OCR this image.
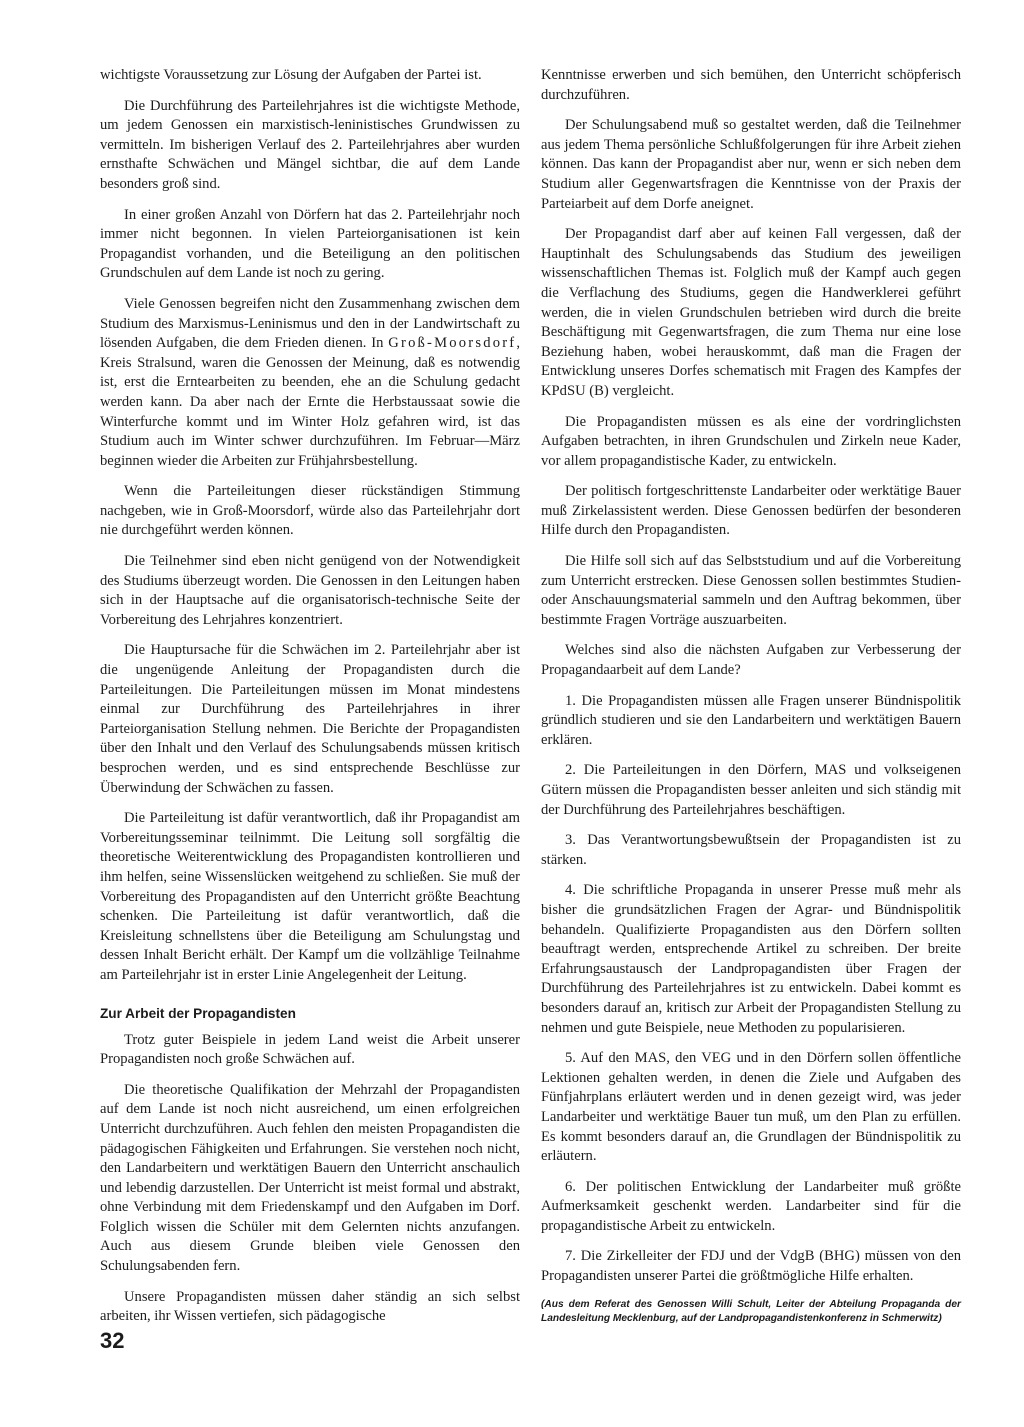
wichtigste Voraussetzung zur Lösung der Aufgaben der Partei ist.

Die Durchführung des Parteilehrjahres ist die wichtigste Methode, um jedem Genossen ein marxistisch-leninistisches Grundwissen zu vermitteln. Im bisherigen Verlauf des 2. Parteilehrjahres aber wurden ernsthafte Schwächen und Mängel sichtbar, die auf dem Lande besonders groß sind.

In einer großen Anzahl von Dörfern hat das 2. Parteilehrjahr noch immer nicht begonnen. In vielen Parteiorganisationen ist kein Propagandist vorhanden, und die Beteiligung an den politischen Grundschulen auf dem Lande ist noch zu gering.

Viele Genossen begreifen nicht den Zusammenhang zwischen dem Studium des Marxismus-Leninismus und den in der Landwirtschaft zu lösenden Aufgaben, die dem Frieden dienen. In Groß-Moorsdorf, Kreis Stralsund, waren die Genossen der Meinung, daß es notwendig ist, erst die Erntearbeiten zu beenden, ehe an die Schulung gedacht werden kann. Da aber nach der Ernte die Herbstaussaat sowie die Winterfurche kommt und im Winter Holz gefahren wird, ist das Studium auch im Winter schwer durchzuführen. Im Februar—März beginnen wieder die Arbeiten zur Frühjahrsbestellung.

Wenn die Parteileitungen dieser rückständigen Stimmung nachgeben, wie in Groß-Moorsdorf, würde also das Parteilehrjahr dort nie durchgeführt werden können.

Die Teilnehmer sind eben nicht genügend von der Notwendigkeit des Studiums überzeugt worden. Die Genossen in den Leitungen haben sich in der Hauptsache auf die organisatorisch-technische Seite der Vorbereitung des Lehrjahres konzentriert.

Die Hauptursache für die Schwächen im 2. Parteilehrjahr aber ist die ungenügende Anleitung der Propagandisten durch die Parteileitungen. Die Parteileitungen müssen im Monat mindestens einmal zur Durchführung des Parteilehrjahres in ihrer Parteiorganisation Stellung nehmen. Die Berichte der Propagandisten über den Inhalt und den Verlauf des Schulungsabends müssen kritisch besprochen werden, und es sind entsprechende Beschlüsse zur Überwindung der Schwächen zu fassen.

Die Parteileitung ist dafür verantwortlich, daß ihr Propagandist am Vorbereitungsseminar teilnimmt. Die Leitung soll sorgfältig die theoretische Weiterentwicklung des Propagandisten kontrollieren und ihm helfen, seine Wissenslücken weitgehend zu schließen. Sie muß der Vorbereitung des Propagandisten auf den Unterricht größte Beachtung schenken. Die Parteileitung ist dafür verantwortlich, daß die Kreisleitung schnellstens über die Beteiligung am Schulungstag und dessen Inhalt Bericht erhält. Der Kampf um die vollzählige Teilnahme am Parteilehrjahr ist in erster Linie Angelegenheit der Leitung.

Zur Arbeit der Propagandisten

Trotz guter Beispiele in jedem Land weist die Arbeit unserer Propagandisten noch große Schwächen auf.

Die theoretische Qualifikation der Mehrzahl der Propagandisten auf dem Lande ist noch nicht ausreichend, um einen erfolgreichen Unterricht durchzuführen. Auch fehlen den meisten Propagandisten die pädagogischen Fähigkeiten und Erfahrungen. Sie verstehen noch nicht, den Landarbeitern und werktätigen Bauern den Unterricht anschaulich und lebendig darzustellen. Der Unterricht ist meist formal und abstrakt, ohne Verbindung mit dem Friedenskampf und den Aufgaben im Dorf. Folglich wissen die Schüler mit dem Gelernten nichts anzufangen. Auch aus diesem Grunde bleiben viele Genossen den Schulungsabenden fern.

Unsere Propagandisten müssen daher ständig an sich selbst arbeiten, ihr Wissen vertiefen, sich pädagogische

Kenntnisse erwerben und sich bemühen, den Unterricht schöpferisch durchzuführen.

Der Schulungsabend muß so gestaltet werden, daß die Teilnehmer aus jedem Thema persönliche Schlußfolgerungen für ihre Arbeit ziehen können. Das kann der Propagandist aber nur, wenn er sich neben dem Studium aller Gegenwartsfragen die Kenntnisse von der Praxis der Parteiarbeit auf dem Dorfe aneignet.

Der Propagandist darf aber auf keinen Fall vergessen, daß der Hauptinhalt des Schulungsabends das Studium des jeweiligen wissenschaftlichen Themas ist. Folglich muß der Kampf auch gegen die Verflachung des Studiums, gegen die Handwerklerei geführt werden, die in vielen Grundschulen betrieben wird durch die breite Beschäftigung mit Gegenwartsfragen, die zum Thema nur eine lose Beziehung haben, wobei herauskommt, daß man die Fragen der Entwicklung unseres Dorfes schematisch mit Fragen des Kampfes der KPdSU (B) vergleicht.

Die Propagandisten müssen es als eine der vordringlichsten Aufgaben betrachten, in ihren Grundschulen und Zirkeln neue Kader, vor allem propagandistische Kader, zu entwickeln.

Der politisch fortgeschrittenste Landarbeiter oder werktätige Bauer muß Zirkelassistent werden. Diese Genossen bedürfen der besonderen Hilfe durch den Propagandisten.

Die Hilfe soll sich auf das Selbststudium und auf die Vorbereitung zum Unterricht erstrecken. Diese Genossen sollen bestimmtes Studien- oder Anschauungsmaterial sammeln und den Auftrag bekommen, über bestimmte Fragen Vorträge auszuarbeiten.

Welches sind also die nächsten Aufgaben zur Verbesserung der Propagandaarbeit auf dem Lande?

1. Die Propagandisten müssen alle Fragen unserer Bündnispolitik gründlich studieren und sie den Landarbeitern und werktätigen Bauern erklären.

2. Die Parteileitungen in den Dörfern, MAS und volkseigenen Gütern müssen die Propagandisten besser anleiten und sich ständig mit der Durchführung des Parteilehrjahres beschäftigen.

3. Das Verantwortungsbewußtsein der Propagandisten ist zu stärken.

4. Die schriftliche Propaganda in unserer Presse muß mehr als bisher die grundsätzlichen Fragen der Agrar- und Bündnispolitik behandeln. Qualifizierte Propagandisten aus den Dörfern sollten beauftragt werden, entsprechende Artikel zu schreiben. Der breite Erfahrungsaustausch der Landpropagandisten über Fragen der Durchführung des Parteilehrjahres ist zu entwickeln. Dabei kommt es besonders darauf an, kritisch zur Arbeit der Propagandisten Stellung zu nehmen und gute Beispiele, neue Methoden zu popularisieren.

5. Auf den MAS, den VEG und in den Dörfern sollen öffentliche Lektionen gehalten werden, in denen die Ziele und Aufgaben des Fünfjahrplans erläutert werden und in denen gezeigt wird, was jeder Landarbeiter und werktätige Bauer tun muß, um den Plan zu erfüllen. Es kommt besonders darauf an, die Grundlagen der Bündnispolitik zu erläutern.

6. Der politischen Entwicklung der Landarbeiter muß größte Aufmerksamkeit geschenkt werden. Landarbeiter sind für die propagandistische Arbeit zu entwickeln.

7. Die Zirkelleiter der FDJ und der VdgB (BHG) müssen von den Propagandisten unserer Partei die größtmögliche Hilfe erhalten.

(Aus dem Referat des Genossen Willi Schult, Leiter der Abteilung Propaganda der Landesleitung Mecklenburg, auf der Landpropagandistenkonferenz in Schmerwitz)
32
